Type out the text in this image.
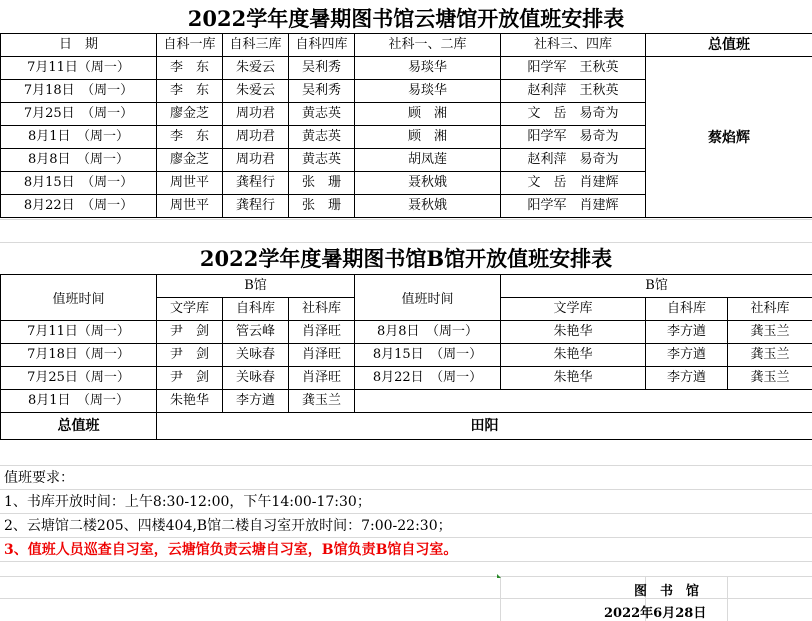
2022学年度暑期图书馆云塘馆开放值班安排表
日　期	自科一库	自科三库	自科四库	社科一、二库	社科三、四库	总值班
7月11日（周一）	李　东	朱爱云	吴利秀	易琰华	阳学军　王秋英	蔡焰辉
7月18日　（周一）	李　东	朱爱云	吴利秀	易琰华	赵利萍　王秋英	
7月25日　（周一）	廖金芝	周功君	黄志英	顾　湘	文　岳　易奇为	
8月1日　（周一）	李　东	周功君	黄志英	顾　湘	阳学军　易奇为	
8月8日　（周一）	廖金芝	周功君	黄志英	胡凤莲	赵利萍　易奇为	
8月15日　（周一）	周世平	龚程行	张　珊	聂秋娥	文　岳　肖建辉	
8月22日　（周一）	周世平	龚程行	张　珊	聂秋娥	阳学军　肖建辉	
2022学年度暑期图书馆B馆开放值班安排表
值班时间	B馆			值班时间	B馆		
	文学库	自科库	社科库		文学库	自科库	社科库
7月11日（周一）	尹　剑	管云峰	肖泽旺	8月8日　（周一）	朱艳华	李方遒	龚玉兰
7月18日（周一）	尹　剑	关咏春	肖泽旺	8月15日　（周一）	朱艳华	李方遒	龚玉兰
7月25日（周一）	尹　剑	关咏春	肖泽旺	8月22日　（周一）	朱艳华	李方遒	龚玉兰
8月1日　（周一）	朱艳华	李方遒	龚玉兰				
总值班	田阳						
值班要求：
1、书库开放时间：上午8:30-12:00，下午14:00-17:30；
2、云塘馆二楼205、四楼404,B馆二楼自习室开放时间：7:00-22:30；
3、值班人员巡查自习室，云塘馆负责云塘自习室，B馆负责B馆自习室。
图　书　馆
2022年6月28日
